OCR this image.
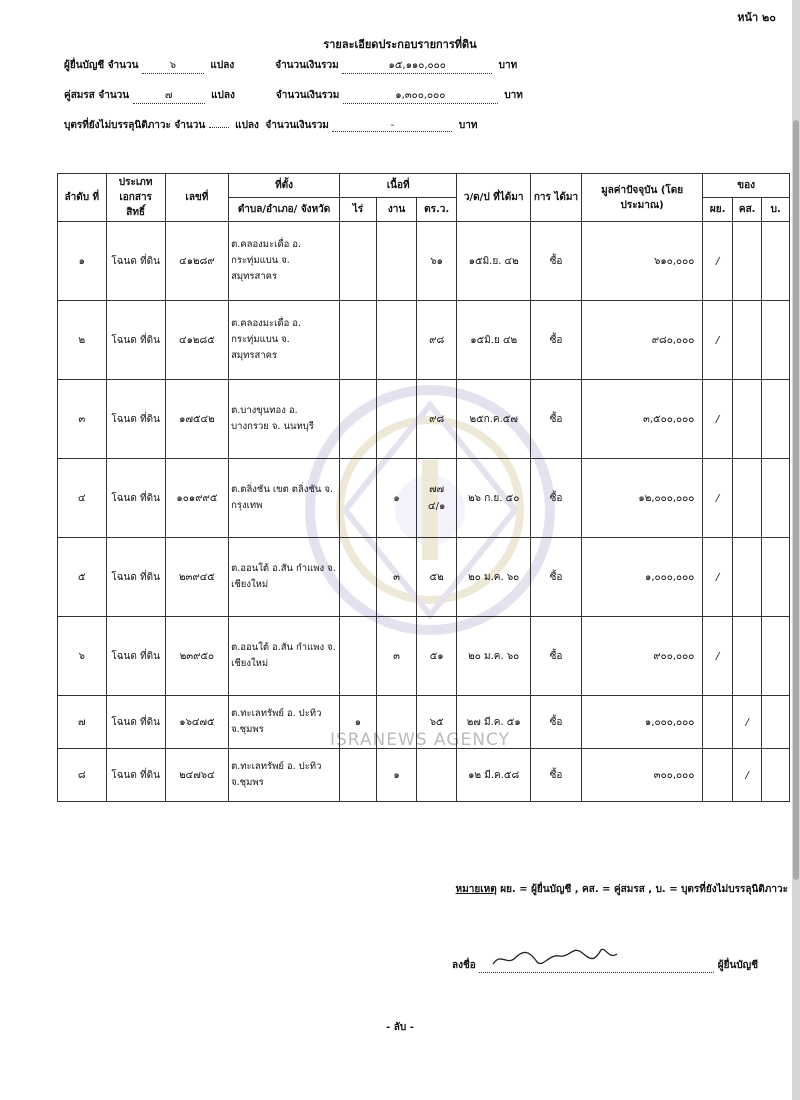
ISRANEWS AGENCY
หน้า ๒๐
รายละเอียดประกอบรายการที่ดิน
ผู้ยื่นบัญชี จำนวน	๖	แปลง	จำนวนเงินรวม	๑๕,๑๑๐,๐๐๐	บาท
คู่สมรส จำนวน	๗	แปลง	จำนวนเงินรวม	๑,๓๐๐,๐๐๐	บาท
บุตรที่ยังไม่บรรลุนิติภาวะ จำนวน	แปลง จำนวนเงินรวม	-	บาท
ลำดับ ที่	ประเภท เอกสาร สิทธิ์	เลขที่	ที่ตั้ง	เนื้อที่			ว/ด/ป ที่ได้มา	การ ได้มา	มูลค่าปัจจุบัน (โดยประมาณ)	ของ		
			ตำบล/อำเภอ/ จังหวัด	ไร่	งาน	ตร.ว.				ผย.	คส.	บ.
๑	โฉนด ที่ดิน	๔๑๒๘๙	ต.คลองมะเดื่อ อ. กระทุ่มแบน จ. สมุทรสาคร			๖๑	๑๕มิ.ย. ๔๒	ซื้อ	๖๑๐,๐๐๐	/		
๒	โฉนด ที่ดิน	๔๑๒๘๕	ต.คลองมะเดื่อ อ. กระทุ่มแบน จ. สมุทรสาคร			๙๘	๑๕มิ.ย ๔๒	ซื้อ	๙๘๐,๐๐๐	/		
๓	โฉนด ที่ดิน	๑๗๕๔๒	ต.บางขุนทอง อ. บางกรวย จ. นนทบุรี			๙๘	๒๕ก.ค.๕๗	ซื้อ	๓,๕๐๐,๐๐๐	/		
๔	โฉนด ที่ดิน	๑๐๑๙๙๕	ต.ตลิ่งชัน เขต ตลิ่งชัน จ. กรุงเทพ		๑	๗๗ ๔/๑	๒๖ ก.ย. ๕๐	ซื้อ	๑๒,๐๐๐,๐๐๐	/		
๕	โฉนด ที่ดิน	๒๓๙๔๕	ต.ออนใต้ อ.สัน กำแพง จ. เชียงใหม่		๓	๕๒	๒๐ ม.ค. ๖๐	ซื้อ	๑,๐๐๐,๐๐๐	/		
๖	โฉนด ที่ดิน	๒๓๙๕๐	ต.ออนใต้ อ.สัน กำแพง จ. เชียงใหม่		๓	๕๑	๒๐ ม.ค. ๖๐	ซื้อ	๙๐๐,๐๐๐	/		
๗	โฉนด ที่ดิน	๑๖๔๗๕	ต.ทะเลทรัพย์ อ. ปะทิว จ.ชุมพร	๑		๖๕	๒๗ มี.ค. ๕๑	ซื้อ	๑,๐๐๐,๐๐๐		/	
๘	โฉนด ที่ดิน	๒๔๗๖๔	ต.ทะเลทรัพย์ อ. ปะทิว จ.ชุมพร		๑		๑๒ มี.ค.๕๘	ซื้อ	๓๐๐,๐๐๐		/	
หมายเหตุ ผย. = ผู้ยื่นบัญชี , คส. = คู่สมรส , บ. = บุตรที่ยังไม่บรรลุนิติภาวะ
ลงชื่อ	ผู้ยื่นบัญชี
- ลับ -
